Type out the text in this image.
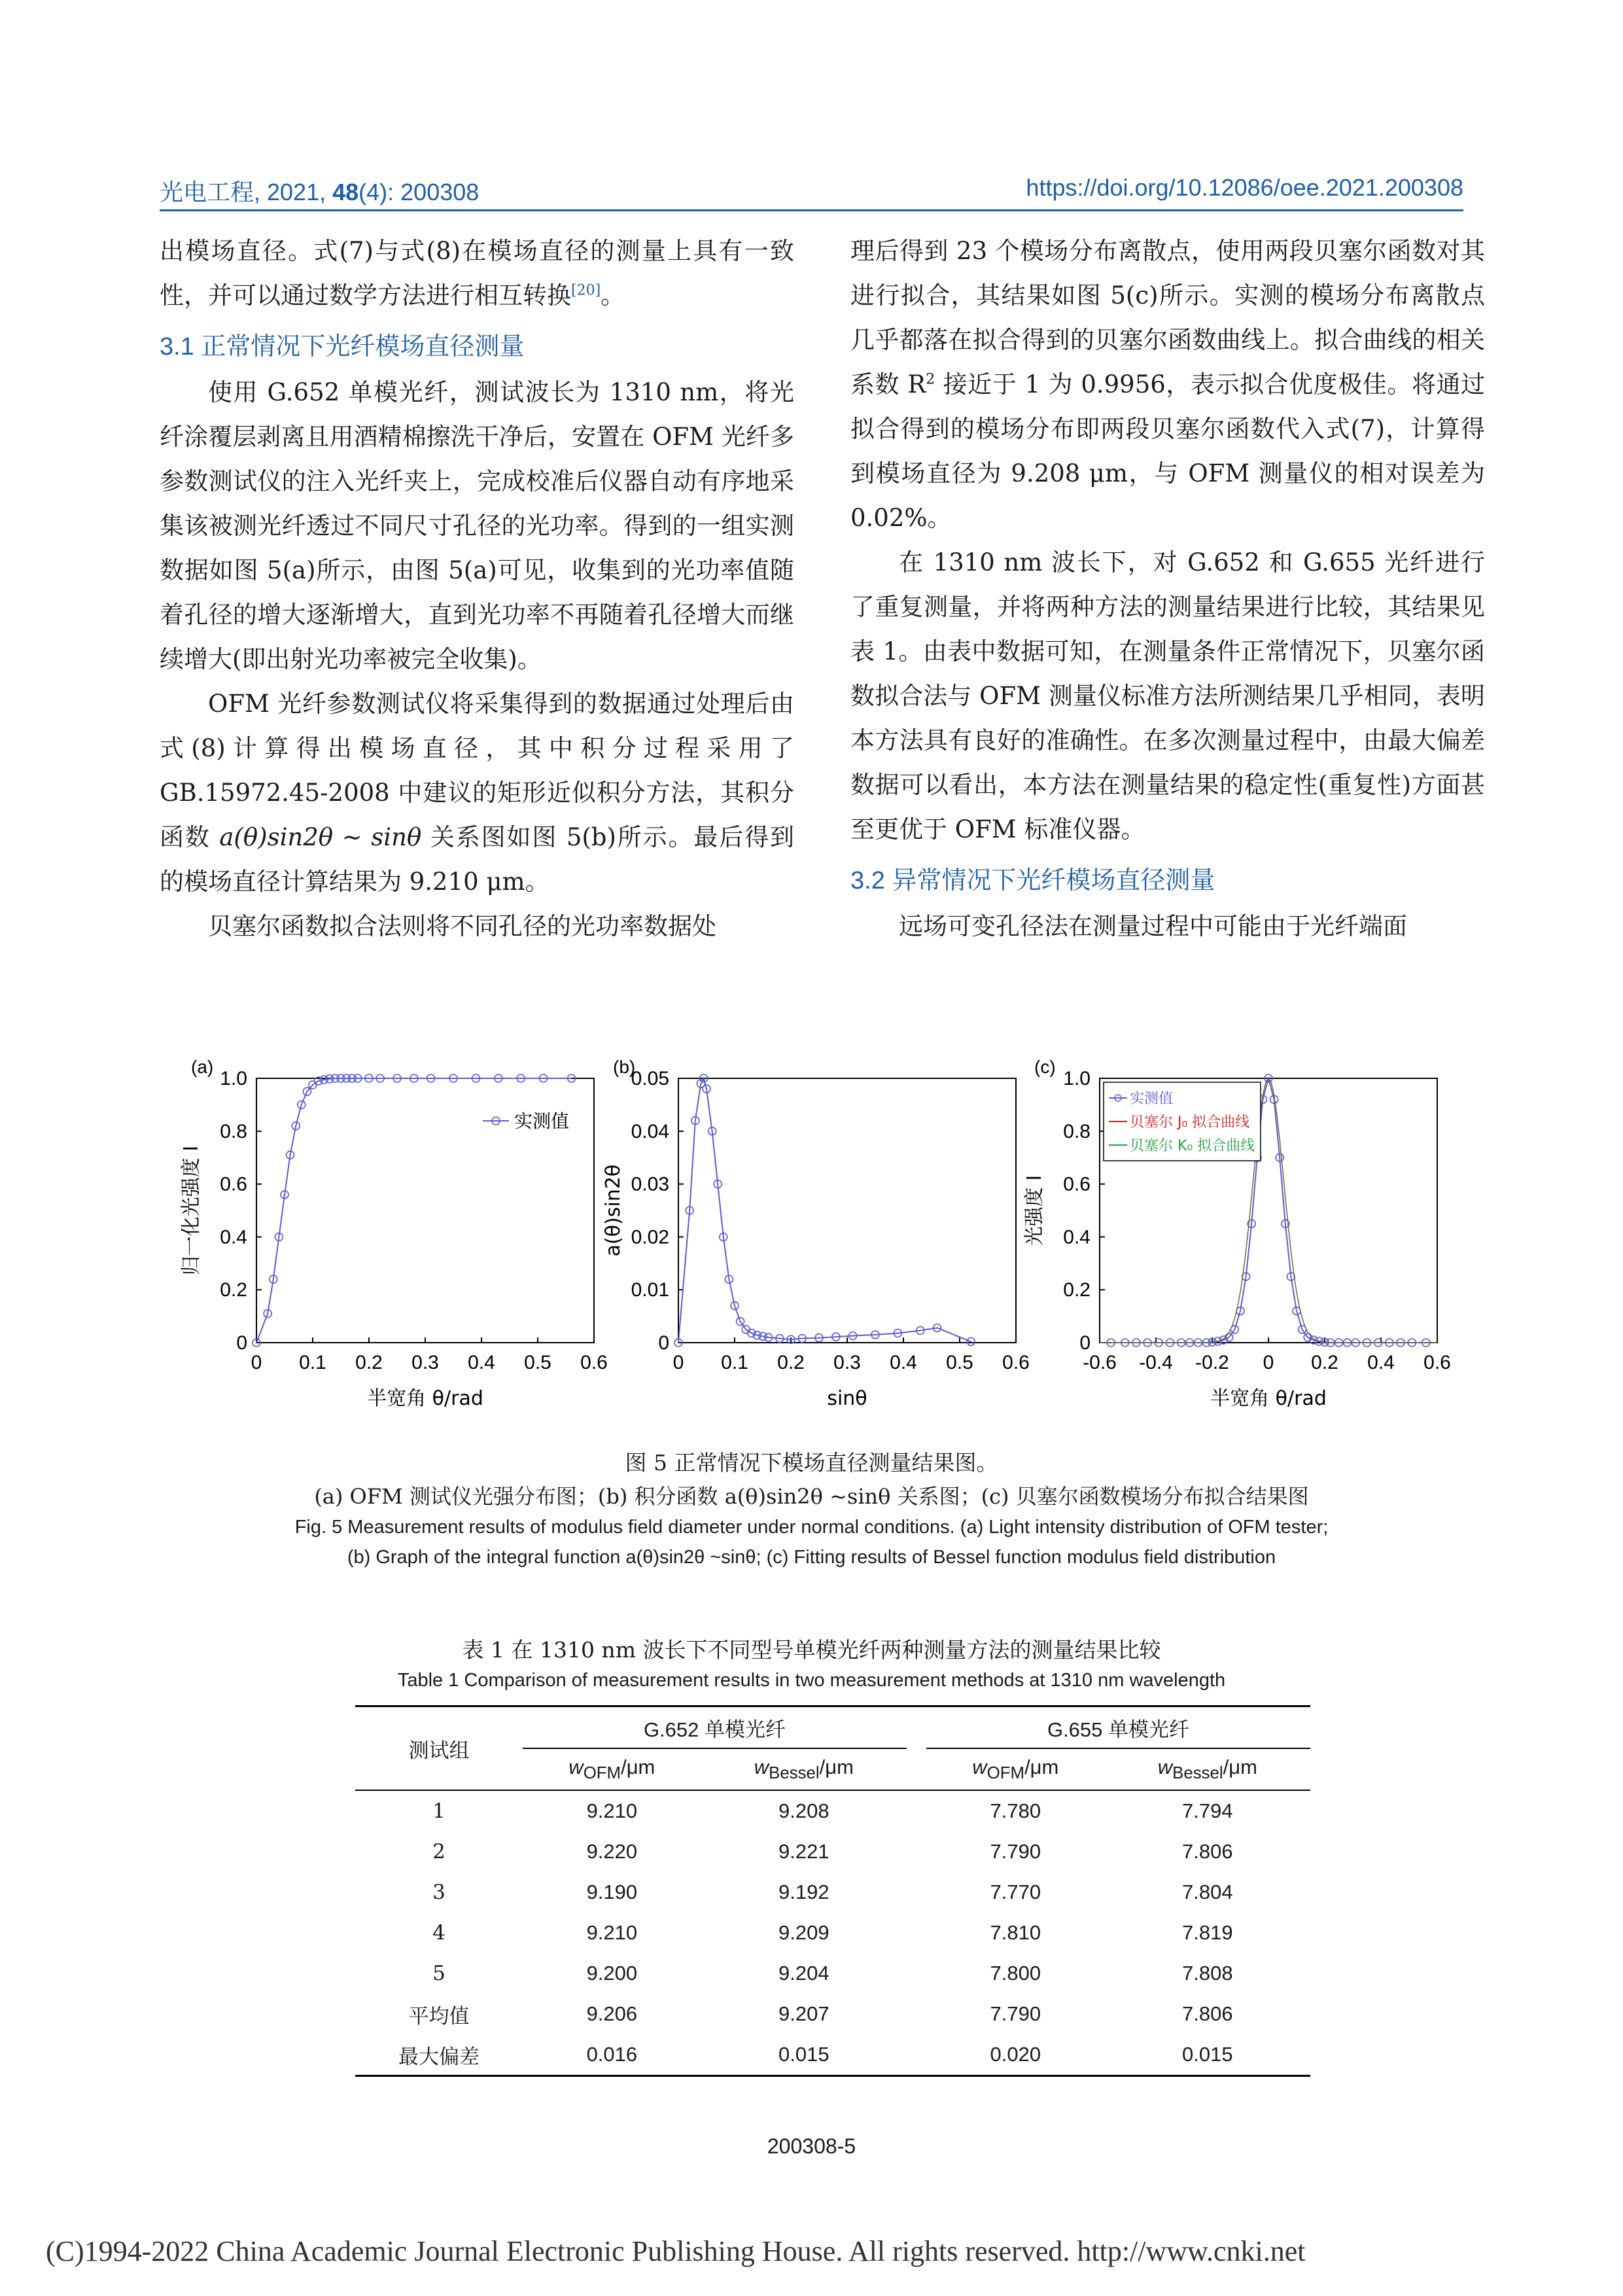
光电工程, 2021, 48(4): 200308	https://doi.org/10.12086/oee.2021.200308

出模场直径。式(7)与式(8)在模场直径的测量上具有一致性，并可以通过数学方法进行相互转换[20]。

3.1 正常情况下光纤模场直径测量

使用 G.652 单模光纤，测试波长为 1310 nm，将光纤涂覆层剥离且用酒精棉擦洗干净后，安置在 OFM 光纤多参数测试仪的注入光纤夹上，完成校准后仪器自动有序地采集该被测光纤透过不同尺寸孔径的光功率。得到的一组实测数据如图 5(a)所示，由图 5(a)可见，收集到的光功率值随着孔径的增大逐渐增大，直到光功率不再随着孔径增大而继续增大(即出射光功率被完全收集)。

OFM 光纤参数测试仪将采集得到的数据通过处理后由式(8)计算得出模场直径，其中积分过程采用了 GB.15972.45-2008 中建议的矩形近似积分方法，其积分函数 a(θ)sin2θ ~ sinθ 关系图如图 5(b)所示。最后得到的模场直径计算结果为 9.210 μm。

贝塞尔函数拟合法则将不同孔径的光功率数据处

理后得到 23 个模场分布离散点，使用两段贝塞尔函数对其进行拟合，其结果如图 5(c)所示。实测的模场分布离散点几乎都落在拟合得到的贝塞尔函数曲线上。拟合曲线的相关系数 $R^2$ 接近于 1 为 0.9956，表示拟合优度极佳。将通过拟合得到的模场分布即两段贝塞尔函数代入式(7)，计算得到模场直径为 9.208 μm，与 OFM 测量仪的相对误差为 0.02%。

在 1310 nm 波长下，对 G.652 和 G.655 光纤进行了重复测量，并将两种方法的测量结果进行比较，其结果见表 1。由表中数据可知，在测量条件正常情况下，贝塞尔函数拟合法与 OFM 测量仪标准方法所测结果几乎相同，表明本方法具有良好的准确性。在多次测量过程中，由最大偏差数据可以看出，本方法在测量结果的稳定性(重复性)方面甚至更优于 OFM 标准仪器。

3.2 异常情况下光纤模场直径测量

远场可变孔径法在测量过程中可能由于光纤端面

(a)
0 0.1 0.2 0.3 0.4 0.5 0.6
0
0.2
0.4
0.6
0.8
1.0
半宽角 θ/rad
归一化光强度 I
实测值
(b)
0 0.1 0.2 0.3 0.4 0.5 0.6
0
0.01
0.02
0.03
0.04
0.05
sinθ
a(θ)sin2θ
(c)
-0.6 -0.4 -0.2 0 0.2 0.4 0.6
0
0.2
0.4
0.6
0.8
1.0
半宽角 θ/rad
光强度 I
实测值
贝塞尔 J₀ 拟合曲线
贝塞尔 K₀ 拟合曲线
图 5 正常情况下模场直径测量结果图。
(a) OFM 测试仪光强分布图；(b) 积分函数 a(θ)sin2θ ~sinθ 关系图；(c) 贝塞尔函数模场分布拟合结果图
Fig. 5 Measurement results of modulus field diameter under normal conditions. (a) Light intensity distribution of OFM tester;
(b) Graph of the integral function a(θ)sin2θ ~sinθ; (c) Fitting results of Bessel function modulus field distribution
表 1 在 1310 nm 波长下不同型号单模光纤两种测量方法的测量结果比较
Table 1 Comparison of measurement results in two measurement methods at 1310 nm wavelength
测试组	G.652 单模光纤			G.655 单模光纤	
	$w_{OFM}/\mu m$	$w_{Bessel}/\mu m$		$w_{OFM}/\mu m$	$w_{Bessel}/\mu m$
1	9.210	9.208		7.780	7.794
2	9.220	9.221		7.790	7.806
3	9.190	9.192		7.770	7.804
4	9.210	9.209		7.810	7.819
5	9.200	9.204		7.800	7.808
平均值	9.206	9.207		7.790	7.806
最大偏差	0.016	0.015		0.020	0.015
200308-5
(C)1994-2022 China Academic Journal Electronic Publishing House. All rights reserved. http://www.cnki.net
